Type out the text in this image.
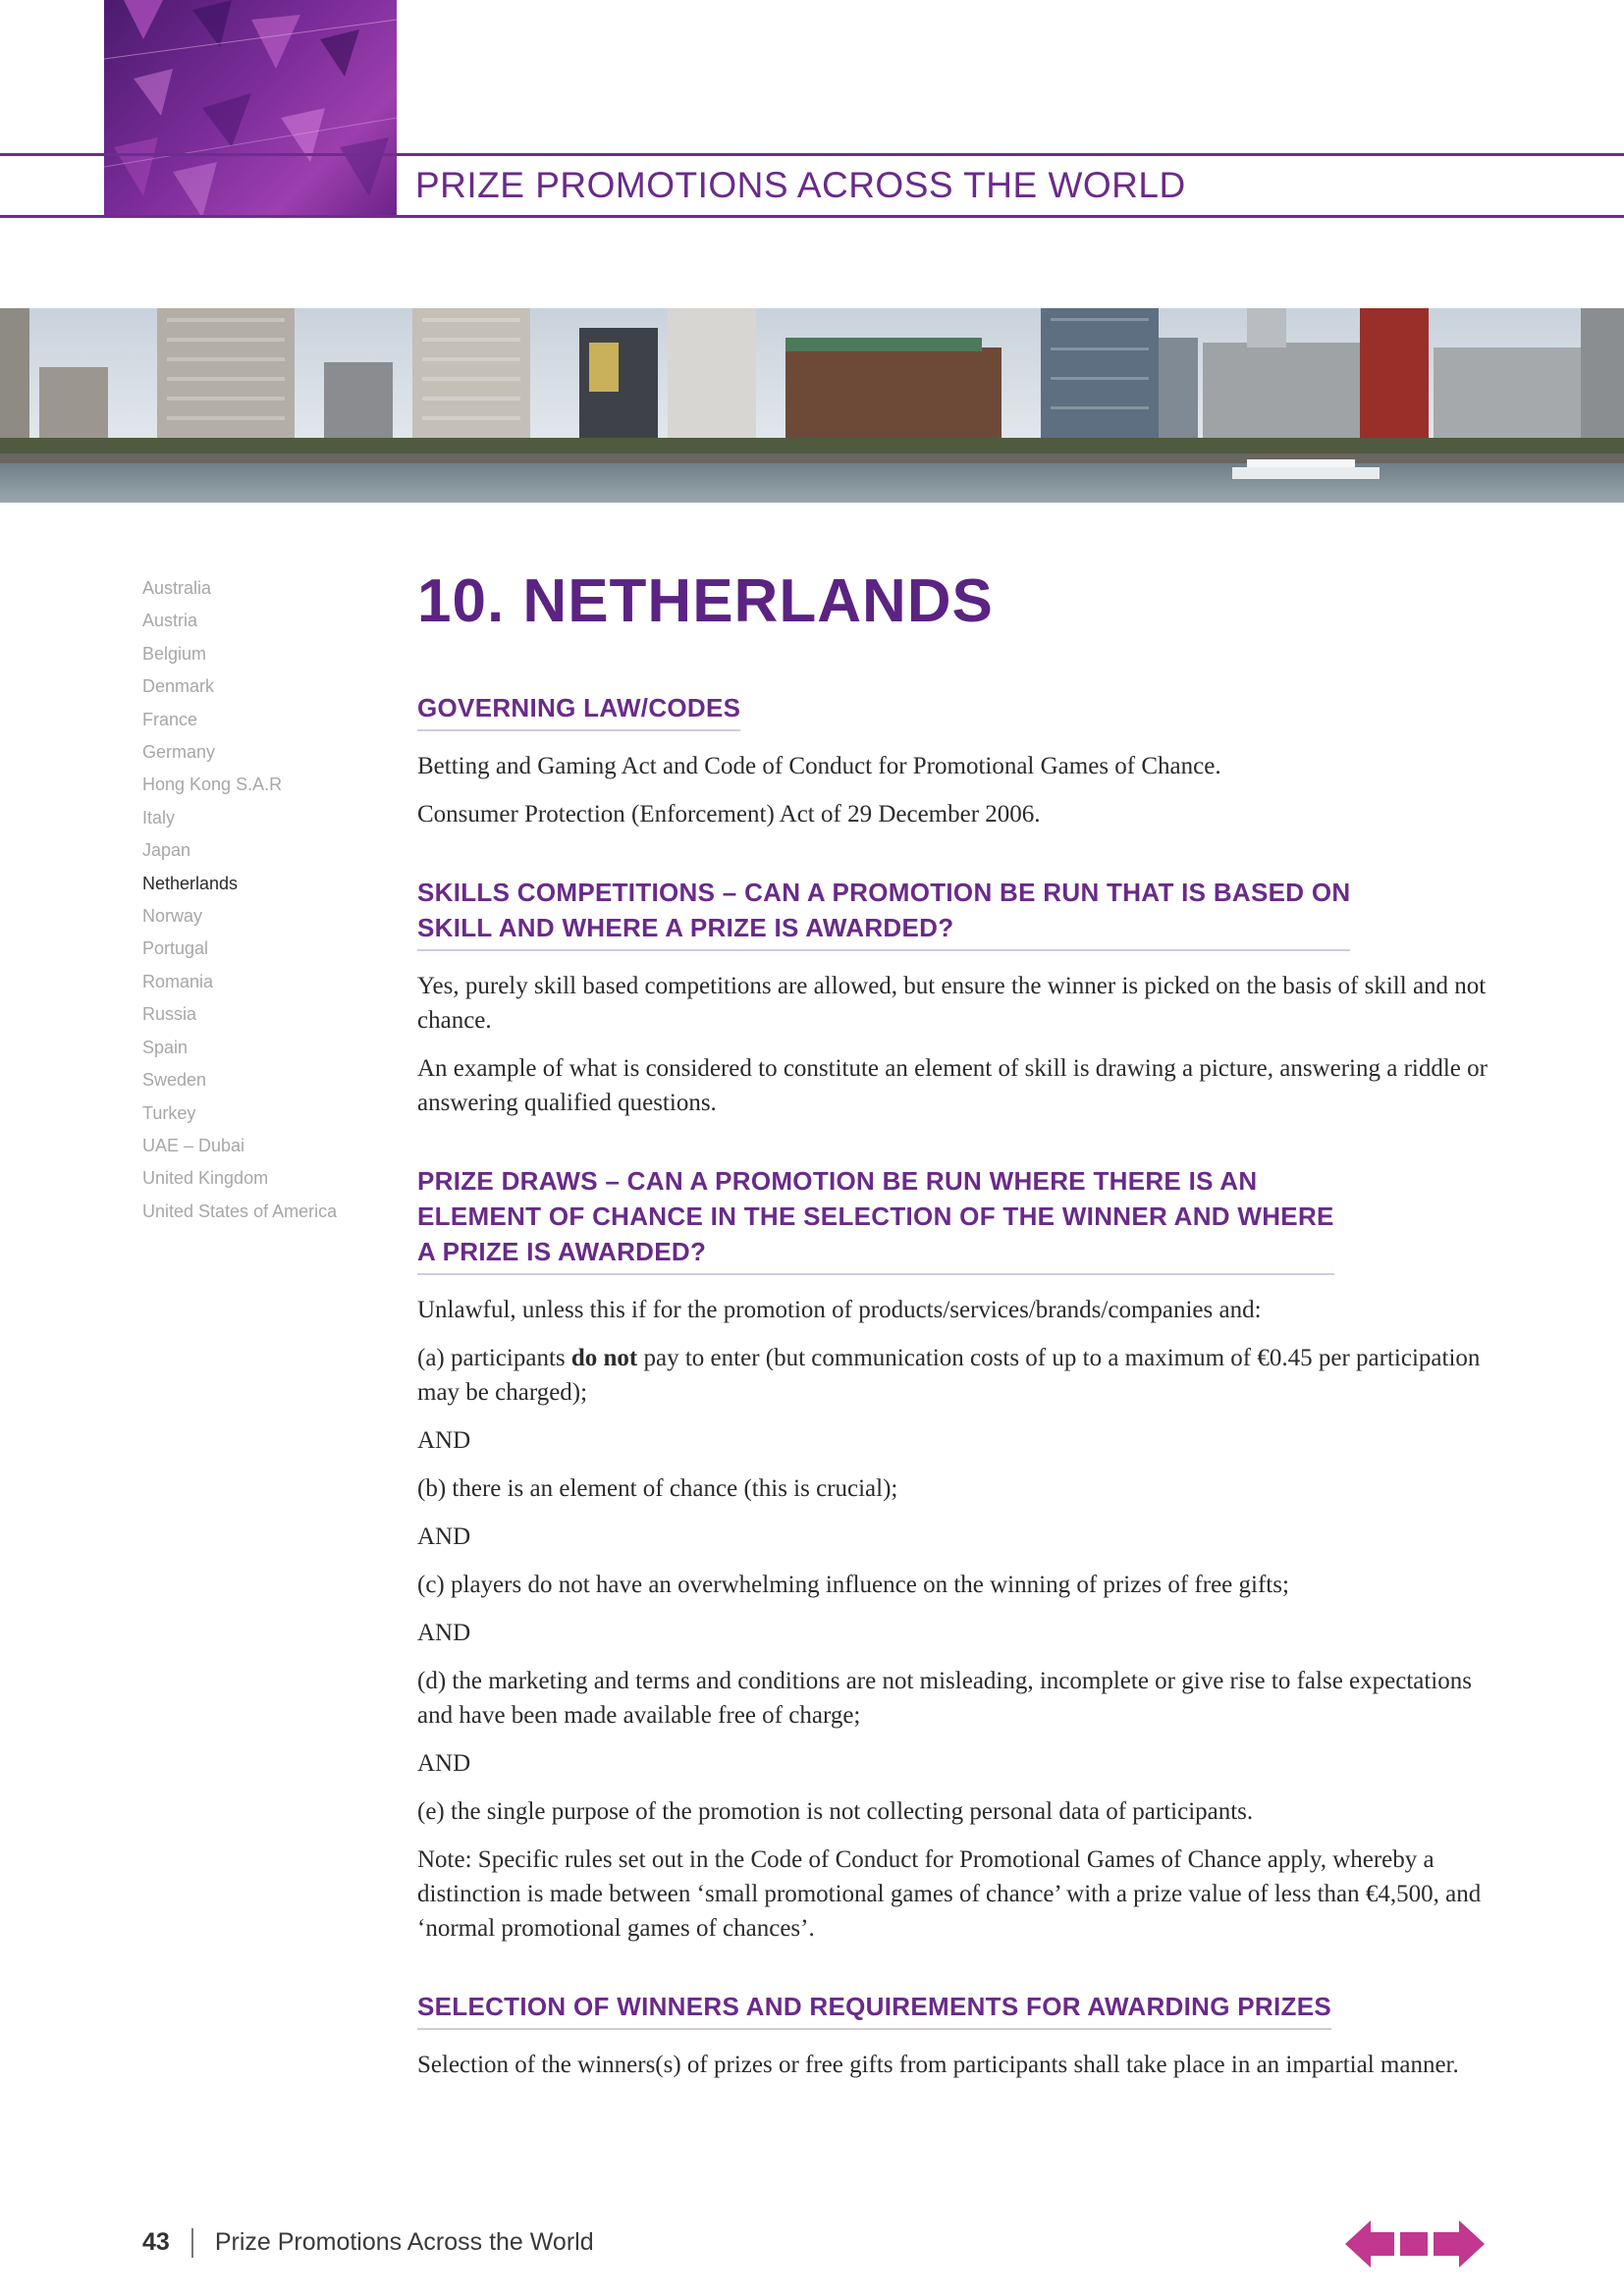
PRIZE PROMOTIONS ACROSS THE WORLD
Australia
Austria
Belgium
Denmark
France
Germany
Hong Kong S.A.R
Italy
Japan
Netherlands
Norway
Portugal
Romania
Russia
Spain
Sweden
Turkey
UAE – Dubai
United Kingdom
United States of America
10. NETHERLANDS
GOVERNING LAW/CODES

Betting and Gaming Act and Code of Conduct for Promotional Games of Chance.

Consumer Protection (Enforcement) Act of 29 December 2006.

SKILLS COMPETITIONS – CAN A PROMOTION BE RUN THAT IS BASED ON
SKILL AND WHERE A PRIZE IS AWARDED?

Yes, purely skill based competitions are allowed, but ensure the winner is picked on the basis of skill and not chance.

An example of what is considered to constitute an element of skill is drawing a picture, answering a riddle or answering qualified questions.

PRIZE DRAWS – CAN A PROMOTION BE RUN WHERE THERE IS AN
ELEMENT OF CHANCE IN THE SELECTION OF THE WINNER AND WHERE
A PRIZE IS AWARDED?

Unlawful, unless this if for the promotion of products/services/brands/companies and:

(a) participants do not pay to enter (but communication costs of up to a maximum of €0.45 per participation may be charged);

AND

(b) there is an element of chance (this is crucial);

AND

(c) players do not have an overwhelming influence on the winning of prizes of free gifts;

AND

(d) the marketing and terms and conditions are not misleading, incomplete or give rise to false expectations and have been made available free of charge;

AND

(e) the single purpose of the promotion is not collecting personal data of participants.

Note: Specific rules set out in the Code of Conduct for Promotional Games of Chance apply, whereby a distinction is made between ‘small promotional games of chance’ with a prize value of less than €4,500, and ‘normal promotional games of chances’.

SELECTION OF WINNERS AND REQUIREMENTS FOR AWARDING PRIZES

Selection of the winners(s) of prizes or free gifts from participants shall take place in an impartial manner.

43 Prize Promotions Across the World
